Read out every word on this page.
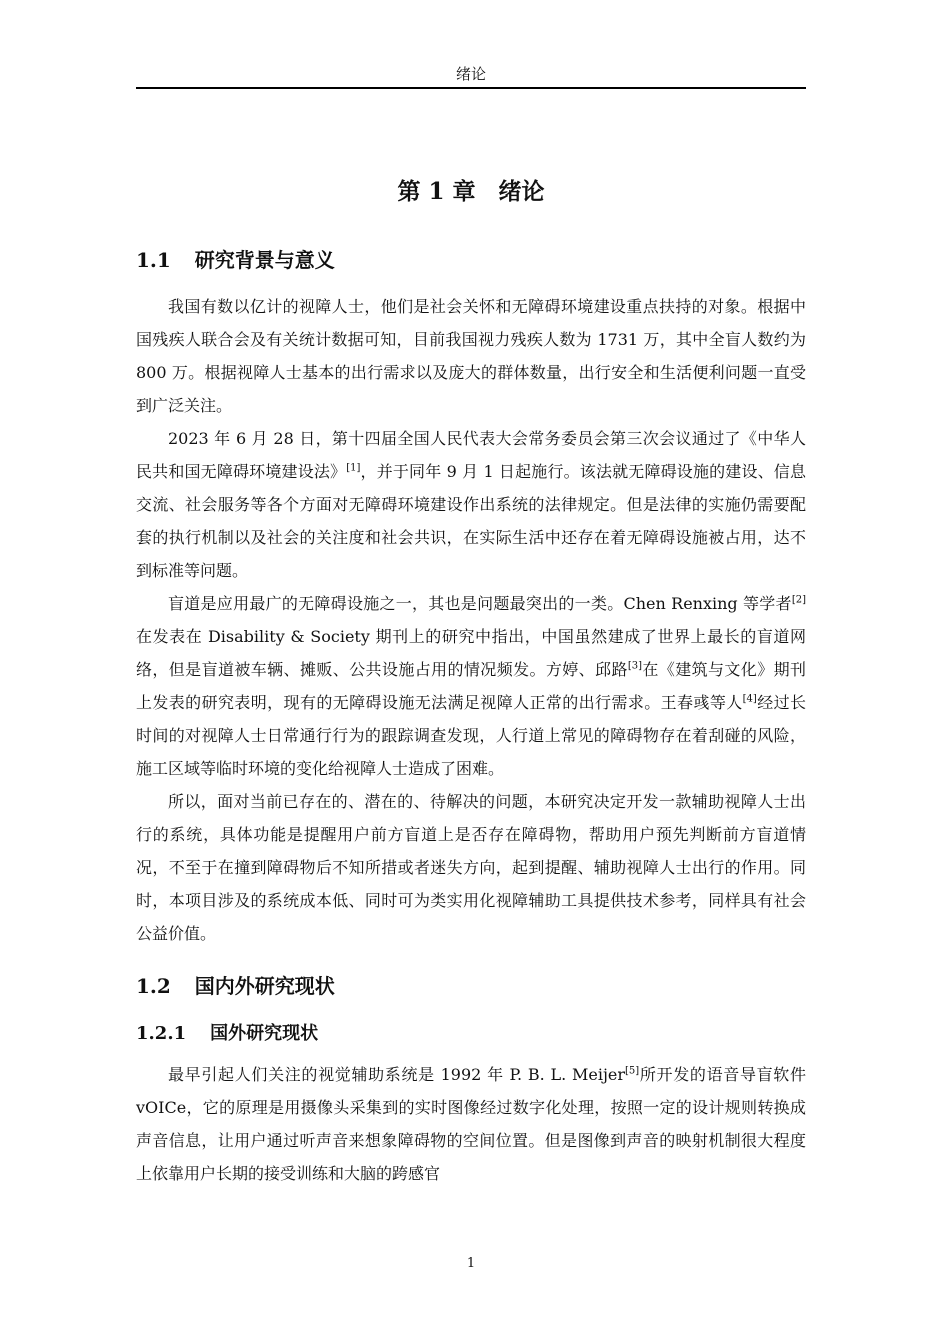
绪论
第 1 章　绪论
1.1 研究背景与意义

我国有数以亿计的视障人士，他们是社会关怀和无障碍环境建设重点扶持的对象。根据中国残疾人联合会及有关统计数据可知，目前我国视力残疾人数为 1731 万，其中全盲人数约为 800 万。根据视障人士基本的出行需求以及庞大的群体数量，出行安全和生活便利问题一直受到广泛关注。

2023 年 6 月 28 日，第十四届全国人民代表大会常务委员会第三次会议通过了《中华人民共和国无障碍环境建设法》[1]，并于同年 9 月 1 日起施行。该法就无障碍设施的建设、信息交流、社会服务等各个方面对无障碍环境建设作出系统的法律规定。但是法律的实施仍需要配套的执行机制以及社会的关注度和社会共识，在实际生活中还存在着无障碍设施被占用，达不到标准等问题。

盲道是应用最广的无障碍设施之一，其也是问题最突出的一类。Chen Renxing 等学者[2]在发表在 Disability & Society 期刊上的研究中指出，中国虽然建成了世界上最长的盲道网络，但是盲道被车辆、摊贩、公共设施占用的情况频发。方婷、邱路[3]在《建筑与文化》期刊上发表的研究表明，现有的无障碍设施无法满足视障人正常的出行需求。王春彧等人[4]经过长时间的对视障人士日常通行行为的跟踪调查发现，人行道上常见的障碍物存在着刮碰的风险，施工区域等临时环境的变化给视障人士造成了困难。

所以，面对当前已存在的、潜在的、待解决的问题，本研究决定开发一款辅助视障人士出行的系统，具体功能是提醒用户前方盲道上是否存在障碍物，帮助用户预先判断前方盲道情况，不至于在撞到障碍物后不知所措或者迷失方向，起到提醒、辅助视障人士出行的作用。同时，本项目涉及的系统成本低、同时可为类实用化视障辅助工具提供技术参考，同样具有社会公益价值。

1.2 国内外研究现状
1.2.1 国外研究现状

最早引起人们关注的视觉辅助系统是 1992 年 P. B. L. Meijer[5]所开发的语音导盲软件 vOICe，它的原理是用摄像头采集到的实时图像经过数字化处理，按照一定的设计规则转换成声音信息，让用户通过听声音来想象障碍物的空间位置。但是图像到声音的映射机制很大程度上依靠用户长期的接受训练和大脑的跨感官

1
